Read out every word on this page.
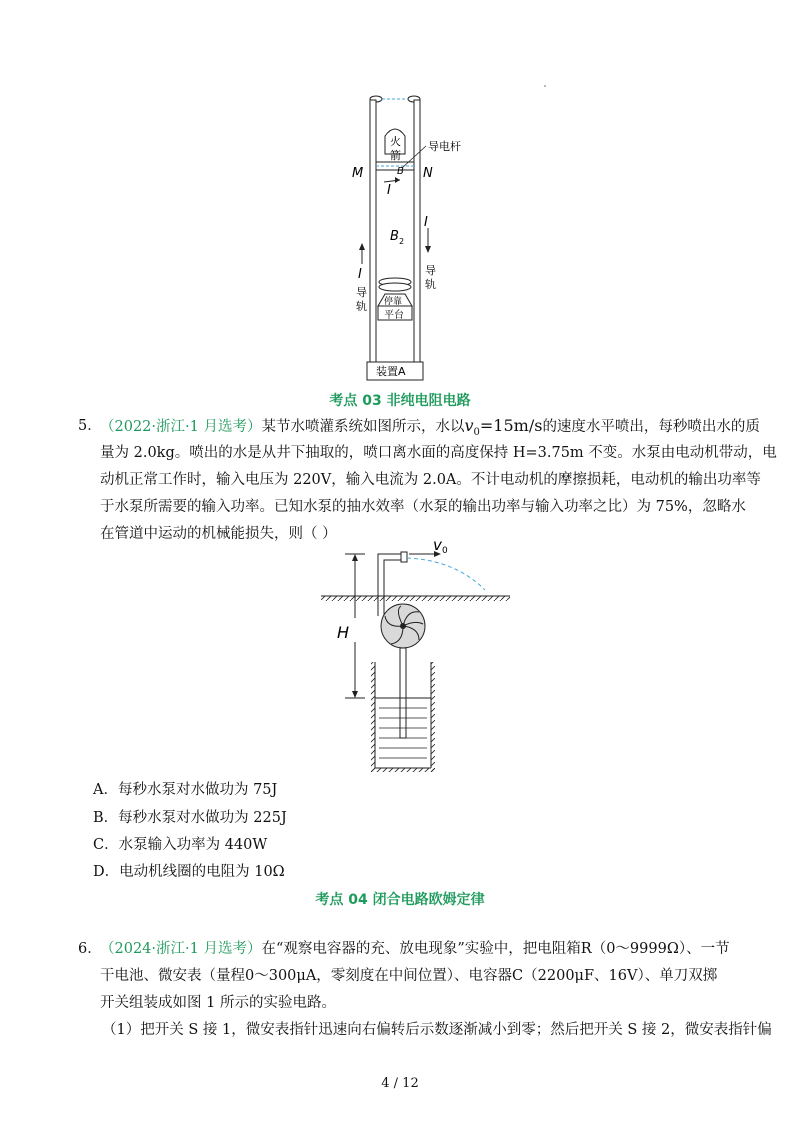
导电杆
M	N
火
箭
B
I
B 2
I
I
导
轨
导
轨
停靠
平台
装置A
考点 03 非纯电阻电路
5．
（2022·浙江·1 月选考）某节水喷灌系统如图所示，水以$v_0=15m/s$的速度水平喷出，每秒喷出水的质
量为 2.0kg。喷出的水是从井下抽取的，喷口离水面的高度保持 H=3.75m 不变。水泵由电动机带动，电
动机正常工作时，输入电压为 220V，输入电流为 2.0A。不计电动机的摩擦损耗，电动机的输出功率等
于水泵所需要的输入功率。已知水泵的抽水效率（水泵的输出功率与输入功率之比）为 75%，忽略水
在管道中运动的机械能损失，则（ ）
H
v 0
A．每秒水泵对水做功为 75J
B．每秒水泵对水做功为 225J
C．水泵输入功率为 440W
D．电动机线圈的电阻为 10Ω
考点 04 闭合电路欧姆定律
6．
（2024·浙江·1 月选考）在“观察电容器的充、放电现象”实验中，把电阻箱R（0～9999Ω）、一节
干电池、微安表（量程0～300μA，零刻度在中间位置）、电容器C（2200μF、16V）、单刀双掷
开关组装成如图 1 所示的实验电路。
（1）把开关 S 接 1，微安表指针迅速向右偏转后示数逐渐减小到零；然后把开关 S 接 2，微安表指针偏
4 / 12
